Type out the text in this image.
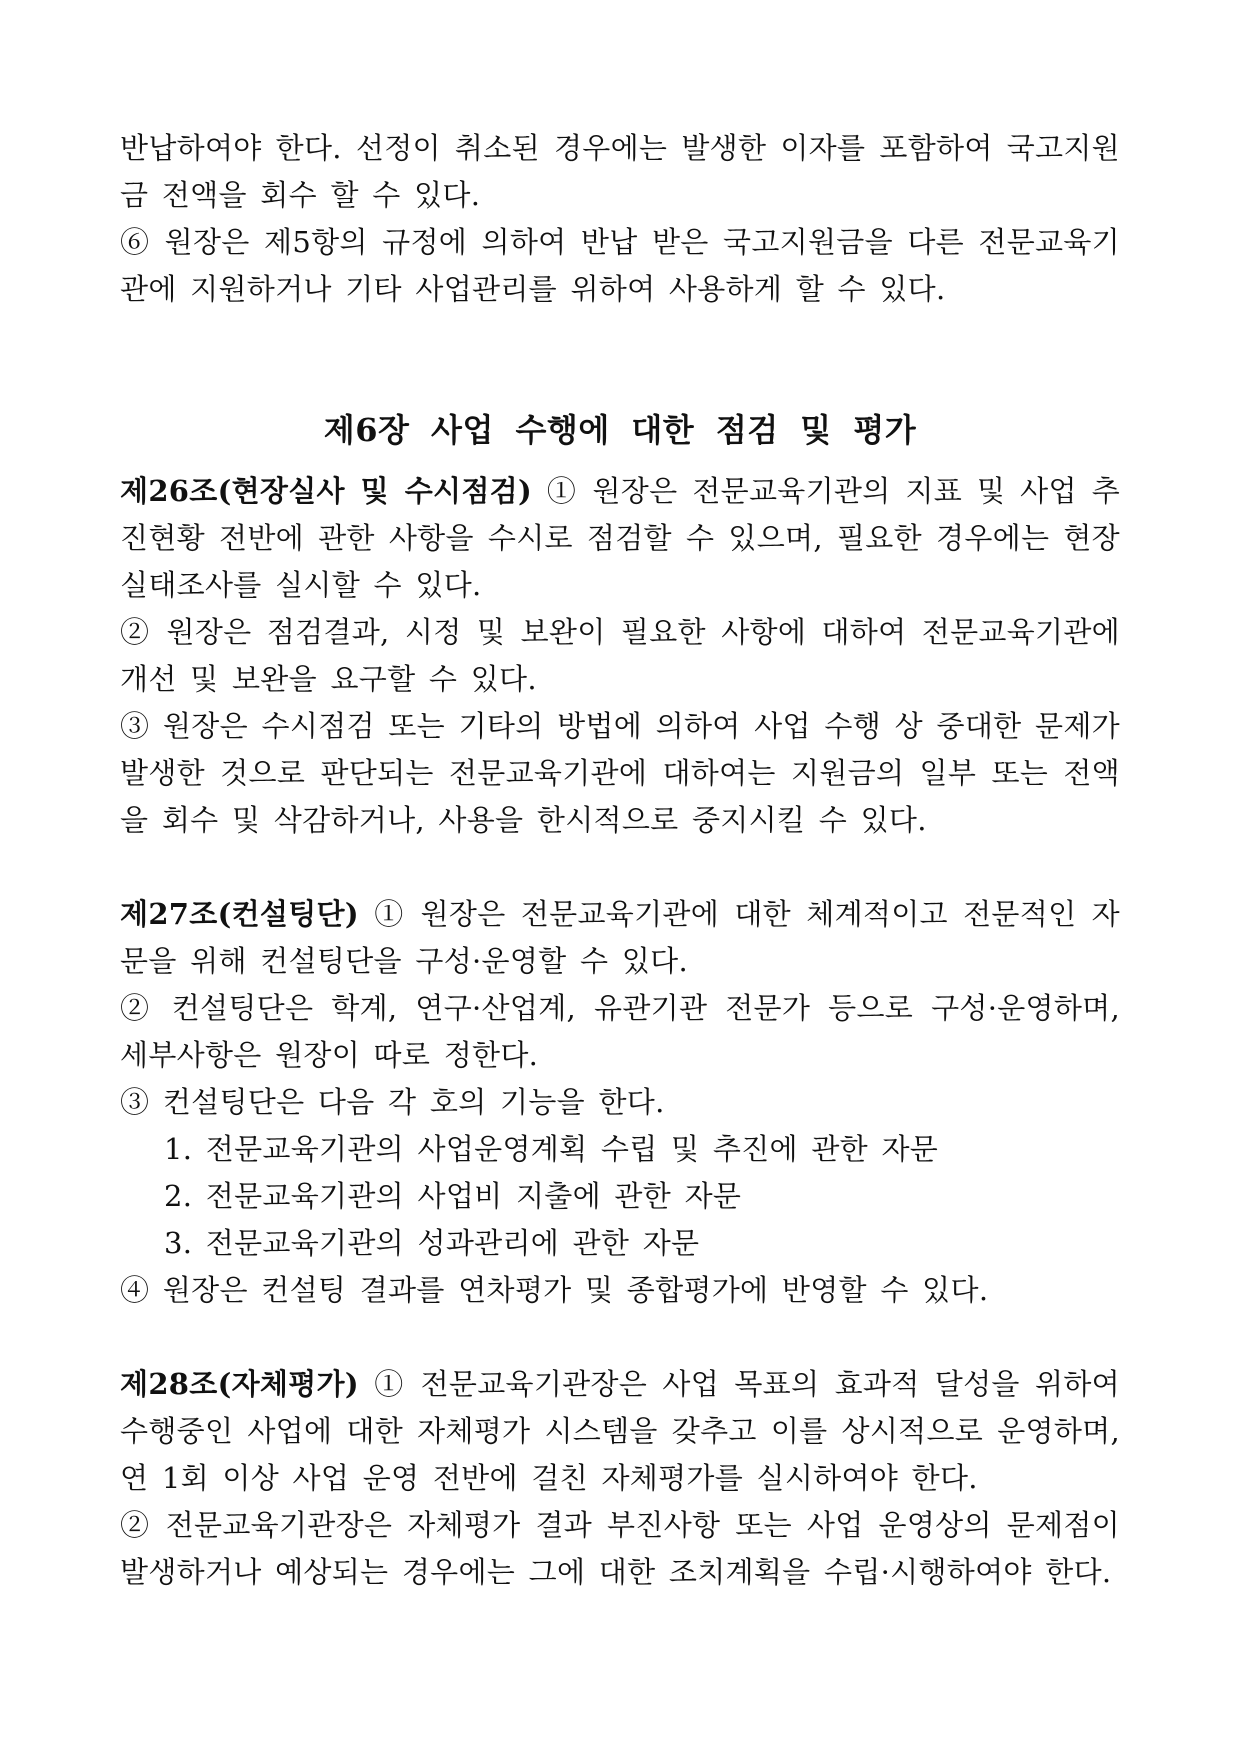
반납하여야 한다. 선정이 취소된 경우에는 발생한 이자를 포함하여 국고지원금 전액을 회수 할 수 있다.

⑥ 원장은 제5항의 규정에 의하여 반납 받은 국고지원금을 다른 전문교육기관에 지원하거나 기타 사업관리를 위하여 사용하게 할 수 있다.

제6장 사업 수행에 대한 점검 및 평가

제26조(현장실사 및 수시점검) ① 원장은 전문교육기관의 지표 및 사업 추진현황 전반에 관한 사항을 수시로 점검할 수 있으며, 필요한 경우에는 현장 실태조사를 실시할 수 있다.

② 원장은 점검결과, 시정 및 보완이 필요한 사항에 대하여 전문교육기관에 개선 및 보완을 요구할 수 있다.

③ 원장은 수시점검 또는 기타의 방법에 의하여 사업 수행 상 중대한 문제가 발생한 것으로 판단되는 전문교육기관에 대하여는 지원금의 일부 또는 전액을 회수 및 삭감하거나, 사용을 한시적으로 중지시킬 수 있다.

제27조(컨설팅단) ① 원장은 전문교육기관에 대한 체계적이고 전문적인 자문을 위해 컨설팅단을 구성·운영할 수 있다.

② 컨설팅단은 학계, 연구·산업계, 유관기관 전문가 등으로 구성·운영하며, 세부사항은 원장이 따로 정한다.

③ 컨설팅단은 다음 각 호의 기능을 한다.

1. 전문교육기관의 사업운영계획 수립 및 추진에 관한 자문

2. 전문교육기관의 사업비 지출에 관한 자문

3. 전문교육기관의 성과관리에 관한 자문

④ 원장은 컨설팅 결과를 연차평가 및 종합평가에 반영할 수 있다.

제28조(자체평가) ① 전문교육기관장은 사업 목표의 효과적 달성을 위하여 수행중인 사업에 대한 자체평가 시스템을 갖추고 이를 상시적으로 운영하며, 연 1회 이상 사업 운영 전반에 걸친 자체평가를 실시하여야 한다.

② 전문교육기관장은 자체평가 결과 부진사항 또는 사업 운영상의 문제점이 발생하거나 예상되는 경우에는 그에 대한 조치계획을 수립·시행하여야 한다.
